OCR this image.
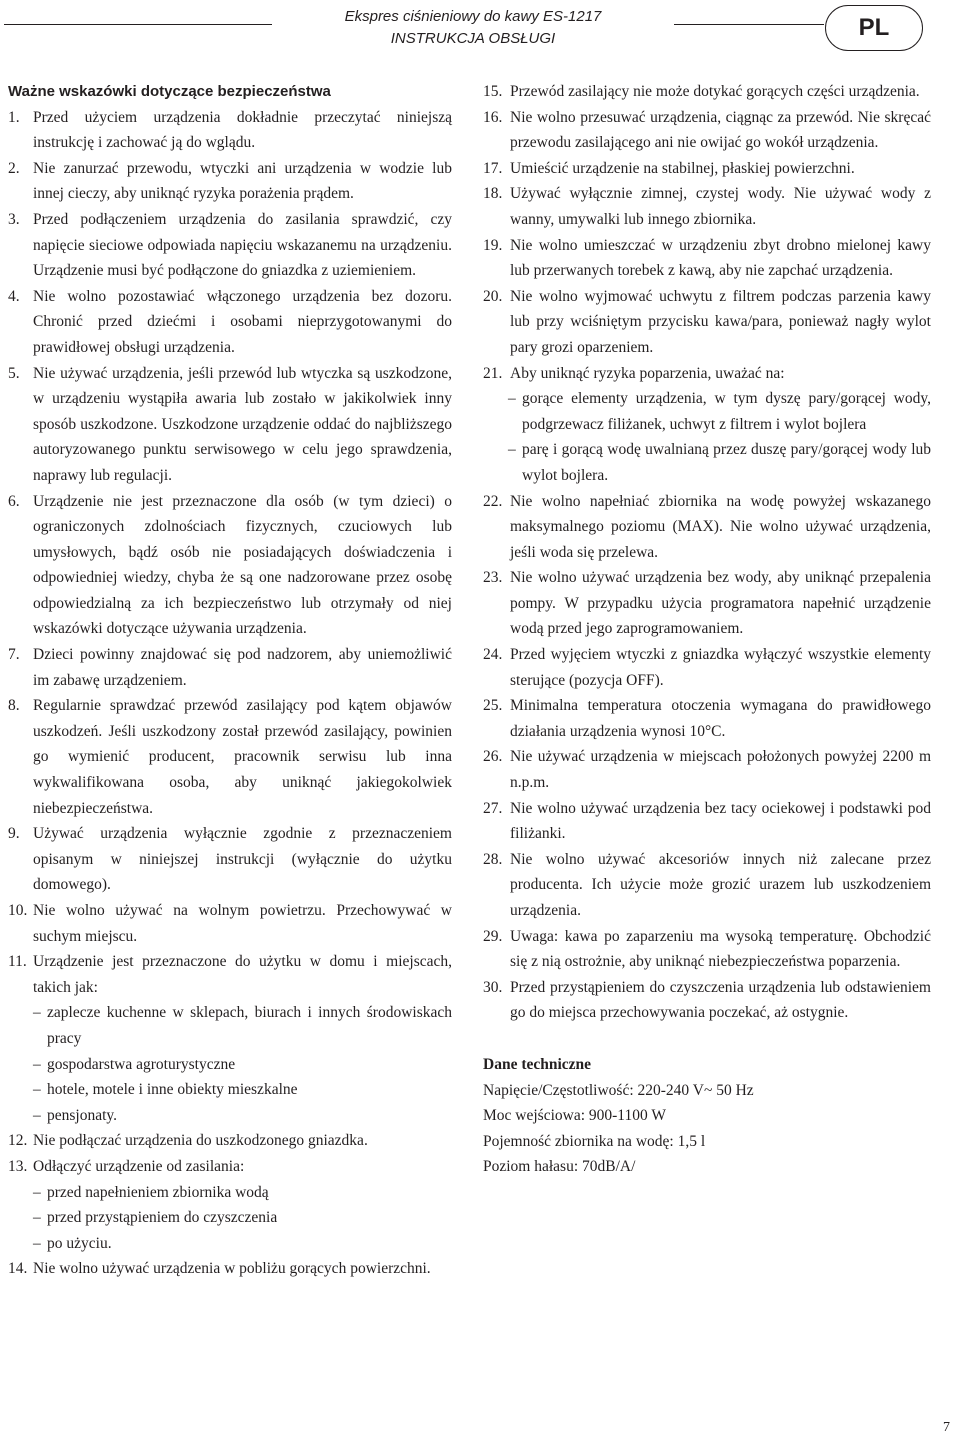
Ekspres ciśnieniowy do kawy ES-1217
INSTRUKCJA OBSŁUGI	PL
Ważne wskazówki dotyczące bezpieczeństwa
1. Przed użyciem urządzenia dokładnie przeczytać niniejszą instrukcję i zachować ją do wglądu.
2. Nie zanurzać przewodu, wtyczki ani urządzenia w wodzie lub innej cieczy, aby uniknąć ryzyka porażenia prądem.
3. Przed podłączeniem urządzenia do zasilania sprawdzić, czy napięcie sieciowe odpowiada napięciu wskazanemu na urządzeniu. Urządzenie musi być podłączone do gniazdka z uziemieniem.
4. Nie wolno pozostawiać włączonego urządzenia bez dozoru. Chronić przed dziećmi i osobami nieprzygotowanymi do prawidłowej obsługi urządzenia.
5. Nie używać urządzenia, jeśli przewód lub wtyczka są uszkodzone, w urządzeniu wystąpiła awaria lub zostało w jakikolwiek inny sposób uszkodzone. Uszkodzone urządzenie oddać do najbliższego autoryzowanego punktu serwisowego w celu jego sprawdzenia, naprawy lub regulacji.
6. Urządzenie nie jest przeznaczone dla osób (w tym dzieci) o ograniczonych zdolnościach fizycznych, czuciowych lub umysłowych, bądź osób nie posiadających doświadczenia i odpowiedniej wiedzy, chyba że są one nadzorowane przez osobę odpowiedzialną za ich bezpieczeństwo lub otrzymały od niej wskazówki dotyczące używania urządzenia.
7. Dzieci powinny znajdować się pod nadzorem, aby uniemożliwić im zabawę urządzeniem.
8. Regularnie sprawdzać przewód zasilający pod kątem objawów uszkodzeń. Jeśli uszkodzony został przewód zasilający, powinien go wymienić producent, pracownik serwisu lub inna wykwalifikowana osoba, aby uniknąć jakiegokolwiek niebezpieczeństwa.
9. Używać urządzenia wyłącznie zgodnie z przeznaczeniem opisanym w niniejszej instrukcji (wyłącznie do użytku domowego).
10. Nie wolno używać na wolnym powietrzu. Przechowywać w suchym miejscu.
11. Urządzenie jest przeznaczone do użytku w domu i miejscach, takich jak:
– zaplecze kuchenne w sklepach, biurach i innych środowiskach pracy
– gospodarstwa agroturystyczne
– hotele, motele i inne obiekty mieszkalne
– pensjonaty.
12. Nie podłączać urządzenia do uszkodzonego gniazdka.
13. Odłączyć urządzenie od zasilania:
– przed napełnieniem zbiornika wodą
– przed przystąpieniem do czyszczenia
– po użyciu.
14. Nie wolno używać urządzenia w pobliżu gorących powierzchni.
15. Przewód zasilający nie może dotykać gorących części urządzenia.
16. Nie wolno przesuwać urządzenia, ciągnąc za przewód. Nie skręcać przewodu zasilającego ani nie owijać go wokół urządzenia.
17. Umieścić urządzenie na stabilnej, płaskiej powierzchni.
18. Używać wyłącznie zimnej, czystej wody. Nie używać wody z wanny, umywalki lub innego zbiornika.
19. Nie wolno umieszczać w urządzeniu zbyt drobno mielonej kawy lub przerwanych torebek z kawą, aby nie zapchać urządzenia.
20. Nie wolno wyjmować uchwytu z filtrem podczas parzenia kawy lub przy wciśniętym przycisku kawa/para, ponieważ nagły wylot pary grozi oparzeniem.
21. Aby uniknąć ryzyka poparzenia, uważać na:
– gorące elementy urządzenia, w tym dyszę pary/gorącej wody, podgrzewacz filiżanek, uchwyt z filtrem i wylot bojlera
– parę i gorącą wodę uwalnianą przez duszę pary/gorącej wody lub wylot bojlera.
22. Nie wolno napełniać zbiornika na wodę powyżej wskazanego maksymalnego poziomu (MAX). Nie wolno używać urządzenia, jeśli woda się przelewa.
23. Nie wolno używać urządzenia bez wody, aby uniknąć przepalenia pompy. W przypadku użycia programatora napełnić urządzenie wodą przed jego zaprogramowaniem.
24. Przed wyjęciem wtyczki z gniazdka wyłączyć wszystkie elementy sterujące (pozycja OFF).
25. Minimalna temperatura otoczenia wymagana do prawidłowego działania urządzenia wynosi 10°C.
26. Nie używać urządzenia w miejscach położonych powyżej 2200 m n.p.m.
27. Nie wolno używać urządzenia bez tacy ociekowej i podstawki pod filiżanki.
28. Nie wolno używać akcesoriów innych niż zalecane przez producenta. Ich użycie może grozić urazem lub uszkodzeniem urządzenia.
29. Uwaga: kawa po zaparzeniu ma wysoką temperaturę. Obchodzić się z nią ostrożnie, aby uniknąć niebezpieczeństwa poparzenia.
30. Przed przystąpieniem do czyszczenia urządzenia lub odstawieniem go do miejsca przechowywania poczekać, aż ostygnie.
Dane techniczne
Napięcie/Częstotliwość: 220-240 V~ 50 Hz
Moc wejściowa: 900-1100 W
Pojemność zbiornika na wodę: 1,5 l
Poziom hałasu: 70dB/A/
7
